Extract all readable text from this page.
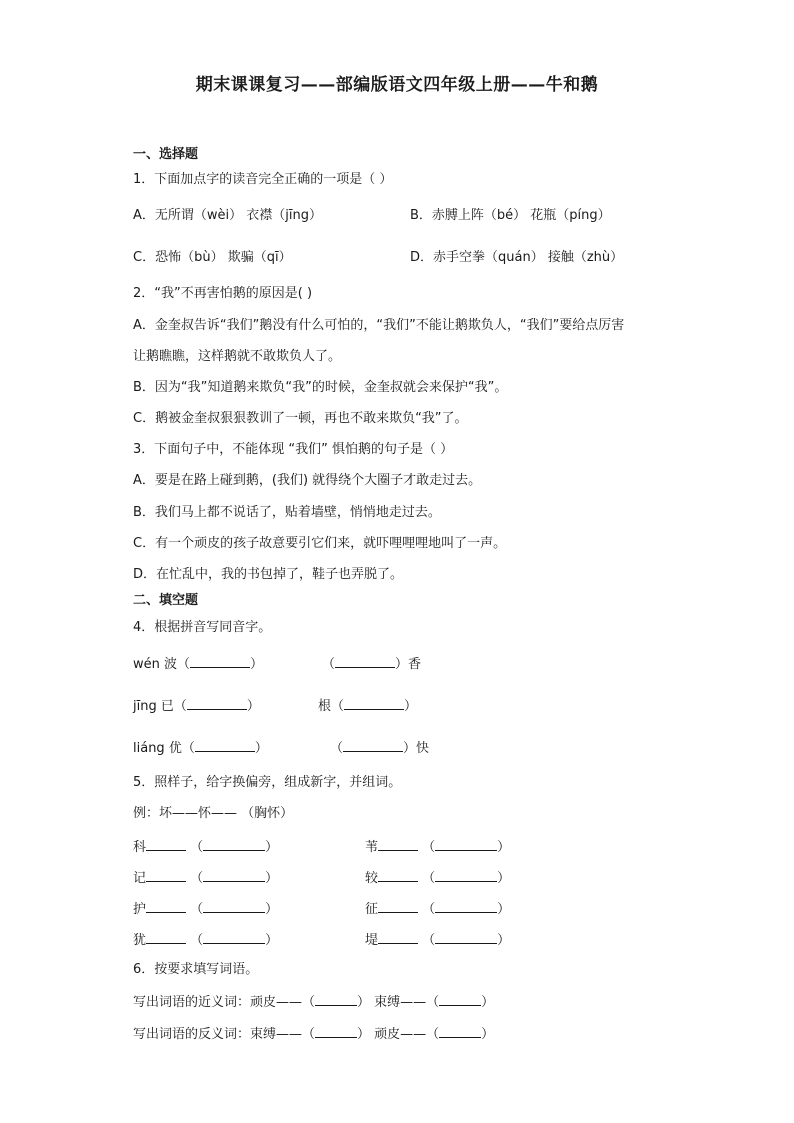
期末课课复习——部编版语文四年级上册——牛和鹅
一、选择题
1．下面加点字的读音完全正确的一项是（ ）
A．无所谓（wèi） 衣襟（jīng）	B．赤膊上阵（bé） 花瓶（píng）
C．恐怖（bù） 欺骗（qī）	D．赤手空拳（quán） 接触（zhù）
2．“我”不再害怕鹅的原因是( )
A．金奎叔告诉“我们”鹅没有什么可怕的，“我们”不能让鹅欺负人，“我们”要给点厉害
让鹅瞧瞧，这样鹅就不敢欺负人了。
B．因为“我”知道鹅来欺负“我”的时候，金奎叔就会来保护“我”。
C．鹅被金奎叔狠狠教训了一顿，再也不敢来欺负“我”了。
3．下面句子中，不能体现 “我们” 惧怕鹅的句子是（ ）
A．要是在路上碰到鹅，(我们) 就得绕个大圈子才敢走过去。
B．我们马上都不说话了，贴着墙壁，悄悄地走过去。
C．有一个顽皮的孩子故意要引它们来，就吓哩哩哩地叫了一声。
D．在忙乱中，我的书包掉了，鞋子也弄脱了。
二、填空题
4．根据拼音写同音字。
wén 波（	）	（	）香
jīng 已（	）	根（	）
liáng 优（	）	（	）快
5．照样子，给字换偏旁，组成新字，并组词。
例：坏——怀—— （胸怀）
科	（	）	苇	（	）
记	（	）	较	（	）
护	（	）	征	（	）
犹	（	）	堤	（	）
6．按要求填写词语。
写出词语的近义词：顽皮——（	） 束缚——（	）
写出词语的反义词：束缚——（	） 顽皮——（	）
